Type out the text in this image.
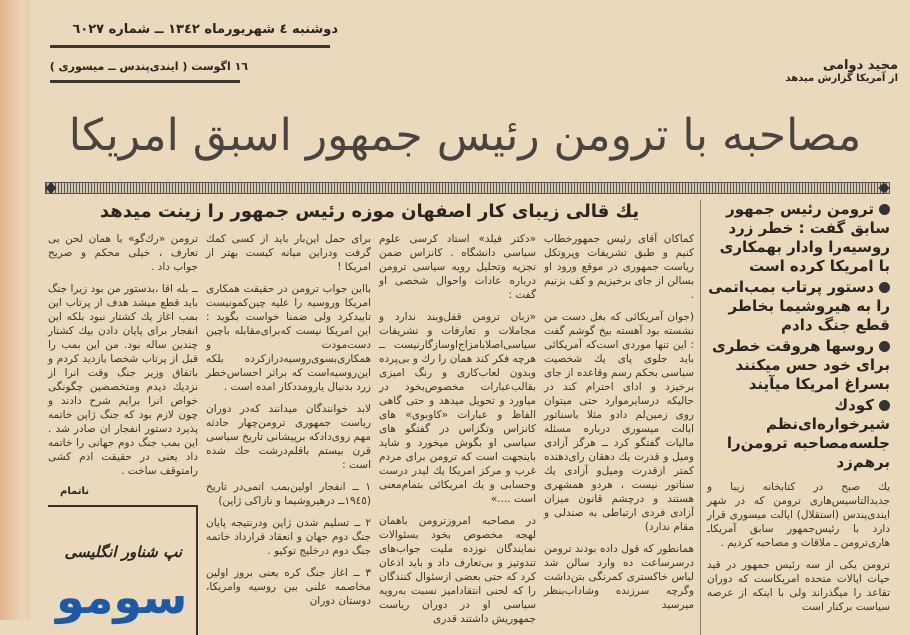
دوشنبه ٤ شهریورماه ١٣٤٢ ــ شماره ٦٠٢٧
١٦ اگوست ( ایندی‌پندس ــ میسوری )	مجید دوامی
از آمریکا گزارش میدهد
مصاحبه با ترومن رئیس جمهور اسبق امریکا
ترومن رئیس جمهور سابق گفت : خطر زرد روسیه‌را وادار بهمکاری با امریکا کرده است
دستور پرتاب بمب‌اتمی را به هیروشیما بخاطر قطع جنگ دادم
روسها هروقت خطری برای خود حس میکنند بسراغ امریکا میآیند
کودك شیرخواره‌ای‌نظم جلسه‌مصاحبه ترومن‌را برهم‌زد

یك صبح در کتابخانه زیبا و جدیدالتاسیس‌هاری ترومن که در شهر ایندی‌پندس (استقلال) ایالت میسوری قرار دارد با رئیس‌جمهور سابق آمریکا‌ـ هاری‌ترومن ـ ملاقات و مصاحبه کردیم .

ترومن یکی از سه رئیس جمهور در قید حیات ایالات متحده امریکاست که دوران تقاعد را میگذراند ولی با اینکه از عرصه سیاست برکنار است

یك قالی زیبای کار اصفهان موزه رئیس جمهور را زینت میدهد

کماکان آقای رئیس جمهورخطاب کنیم و طبق تشریفات وپروتکل ریاست جمهوری در موقع ورود او بسالن از جای برخیزیم و کف بزنیم .

(جوان آمریکائی که بغل دست من نشسته بود آهسته بیخ گوشم گفت : این تنها موردی است‌که آمریکائی باید جلوی پای یك شخصیت سیاسی بحکم رسم وقاعده از جای برخیزد و ادای احترام کند در حالیکه درسایرموارد حتی میتوان روی زمین‌لم دادو مثلا باسناتور ایالت میسوری درباره مسئله مالیات گفتگو کرد ــ هرگز آزادی ومیل و قدرت یك دهقان رای‌دهنده کمتر ازقدرت ومیل‌و آزادی یك سناتور نیست ، هردو همشهری هستند و درچشم قانون میزان آزادی فردی ارتباطی به صندلی و مقام ندارد)

هما‌نطور که قول داده بودند ترومن درسرساعت ده وارد سالن شد لباس خاکستری کمرنگی بتن‌داشت وگرچه سرزنده وشاداب‌بنظر میرسید

«دکتر فیلد» استاد کرسی علوم سیاسی دانشگاه . کانزاس ضمن تجزیه وتحلیل رویه سیاسی ترومن درباره عادات واحوال شخصی او گفت :

«زبان ترومن قفل‌وبند ندارد و مجاملات و تعارفات و تشریفات سیاسی‌اصلابامزاج‌اوسازگارنیست ــ هرچه فکر کند همان را رك و بی‌پرده وبدون لعاب‌کاری و رنگ امیزی بقالب‌عبارات مخصوص‌بخود در میاورد و تحویل میدهد و حتی گاهی الفاظ و عبارات «کاوبوی» های کانزاس وتگزاس در گفتگو های سیاسی او بگوش میخورد و شاید باینجهت است که ترومن برای مردم غرب و مرکز امریکا یك لیدر درست وحسابی و یك امریکائی بتمام‌معنی است ....»

در مصاحبه امروزترومن باهمان لهجه مخصوص بخود بسئوالات نمایندگان نوزده ملیت جواب‌های تندوتیز و بی‌تعارف داد و باید اذعان کرد که حتی بعضی ازسئوال کنندگان را که لحنی انتقادامیز نسبت به‌رویه سیاسی او در دوران ریاست جمهوریش داشتند قدری

برای حمل این‌بار باید از کسی کمك گرفت ودراین میانه کیست بهتر از امریکا !

بااین جواب ترومن در حقیقت همکاری امریکا وروسیه را علیه چین‌کمونیست تایید‌کرد ولی ضمنا خواست بگوید : این امریکا نیست که‌برای‌مقابله باچین دست‌مودت و همکاری‌بسوی‌روسیه‌درازکرده بلکه این‌روسیه‌است که براثر احساس‌خطر زرد بدنبال یارومددکار امده است .

لابد خوانندگان میدانند که‌در دوران ریاست جمهوری ترومن‌چهار حادثه مهم روی‌داد‌که برپیشانی تاریخ سیاسی قرن بیستم باقلم‌درشت حك شده است :

١ ــ انفجار اولین‌بمب اتمی‌در تاریخ (١٩٤٥ــ درهیروشیما و نازاکی ژاپن)

٢ ــ تسلیم شدن ژاپن ودرنتیجه پایان جنگ دوم جهان و انعقاد قرارداد خاتمه جنگ دوم درخلیج توکیو .

٣ ــ اغاز جنگ کره یعنی بروز اولین مخاصمه علنی بین روسیه وامریکا، دوستان دوران

ترومن «رك‌گو» با همان لحن بی تعارف ، خیلی محکم و صریح جواب داد .

ــ بله اقا ،بدستور من بود زیرا جنگ باید قطع میشد هدف از پرتاب این بمب اغاز یك کشتار نبود بلکه این انفجار برای پایان دادن بیك کشتار چندین ساله بود. من این بمب را قبل از پرتاب شخصا بازدید کردم و باتفاق وزیر جنگ وقت انرا از نزدیك دیدم ومتخصصین چگونگی خواص انرا برایم شرح دادند و چون لازم بود که جنگ ژاپن خاتمه پذیرد دستور انفجار ان صادر شد . این بمب جنگ دوم جهانی را خاتمه داد یعنی در حقیقت ادم کشی رامتوقف ساخت .

ناتمام
نپ شناور انگلیسی
سومو
